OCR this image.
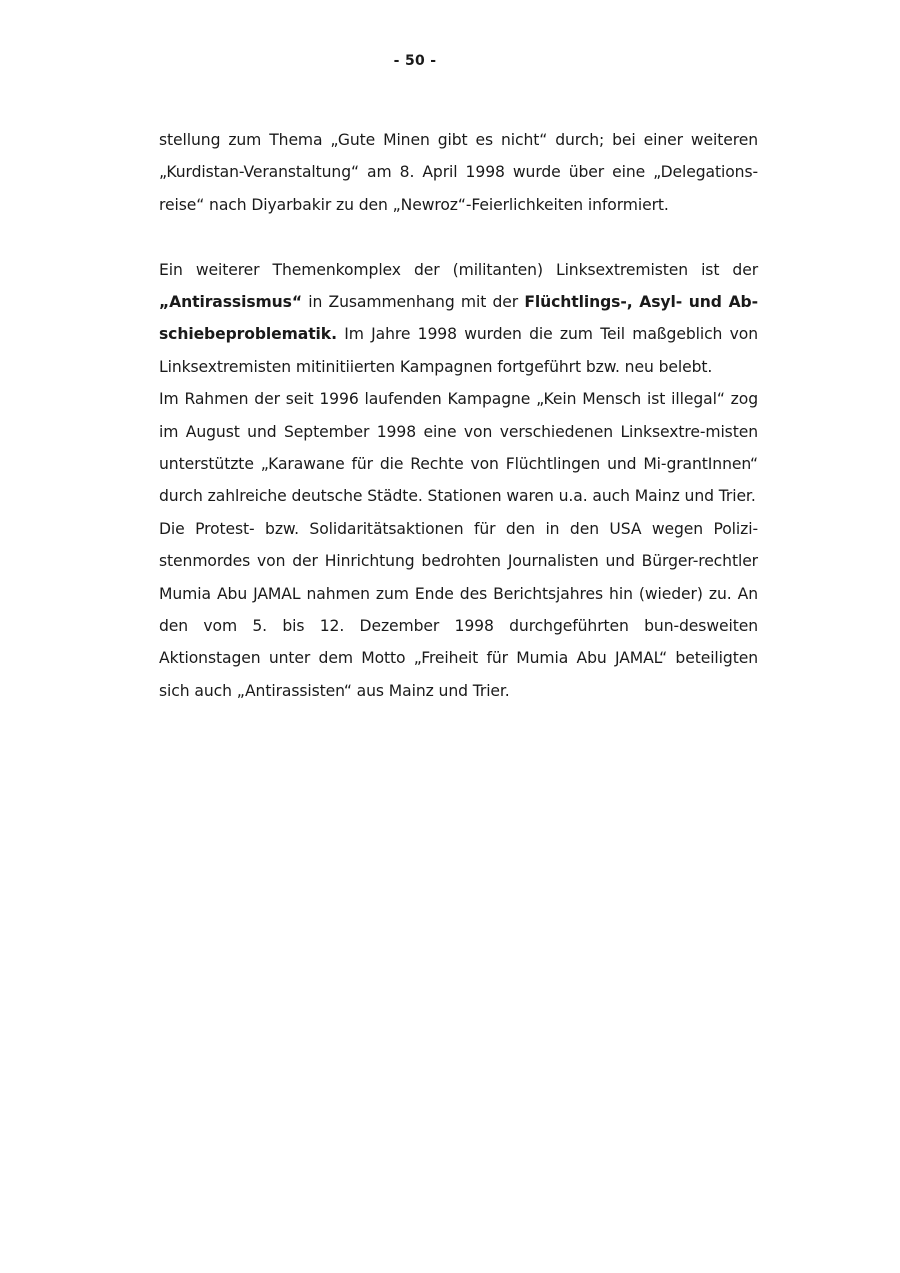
- 50 -

stellung zum Thema „Gute Minen gibt es nicht“ durch; bei einer weiteren „Kurdistan-Veranstaltung“ am 8. April 1998 wurde über eine „Delegations-reise“ nach Diyarbakir zu den „Newroz“-Feierlichkeiten informiert.

Ein weiterer Themenkomplex der (militanten) Linksextremisten ist der „Antirassismus“ in Zusammenhang mit der Flüchtlings-, Asyl- und Ab-schiebeproblematik. Im Jahre 1998 wurden die zum Teil maßgeblich von Linksextremisten mitinitiierten Kampagnen fortgeführt bzw. neu belebt.

Im Rahmen der seit 1996 laufenden Kampagne „Kein Mensch ist illegal“ zog im August und September 1998 eine von verschiedenen Linksextre-misten unterstützte „Karawane für die Rechte von Flüchtlingen und Mi-grantInnen“ durch zahlreiche deutsche Städte. Stationen waren u.a. auch Mainz und Trier.

Die Protest- bzw. Solidaritätsaktionen für den in den USA wegen Polizi-stenmordes von der Hinrichtung bedrohten Journalisten und Bürger-rechtler Mumia Abu JAMAL nahmen zum Ende des Berichtsjahres hin (wieder) zu. An den vom 5. bis 12. Dezember 1998 durchgeführten bun-desweiten Aktionstagen unter dem Motto „Freiheit für Mumia Abu JAMAL“ beteiligten sich auch „Antirassisten“ aus Mainz und Trier.
